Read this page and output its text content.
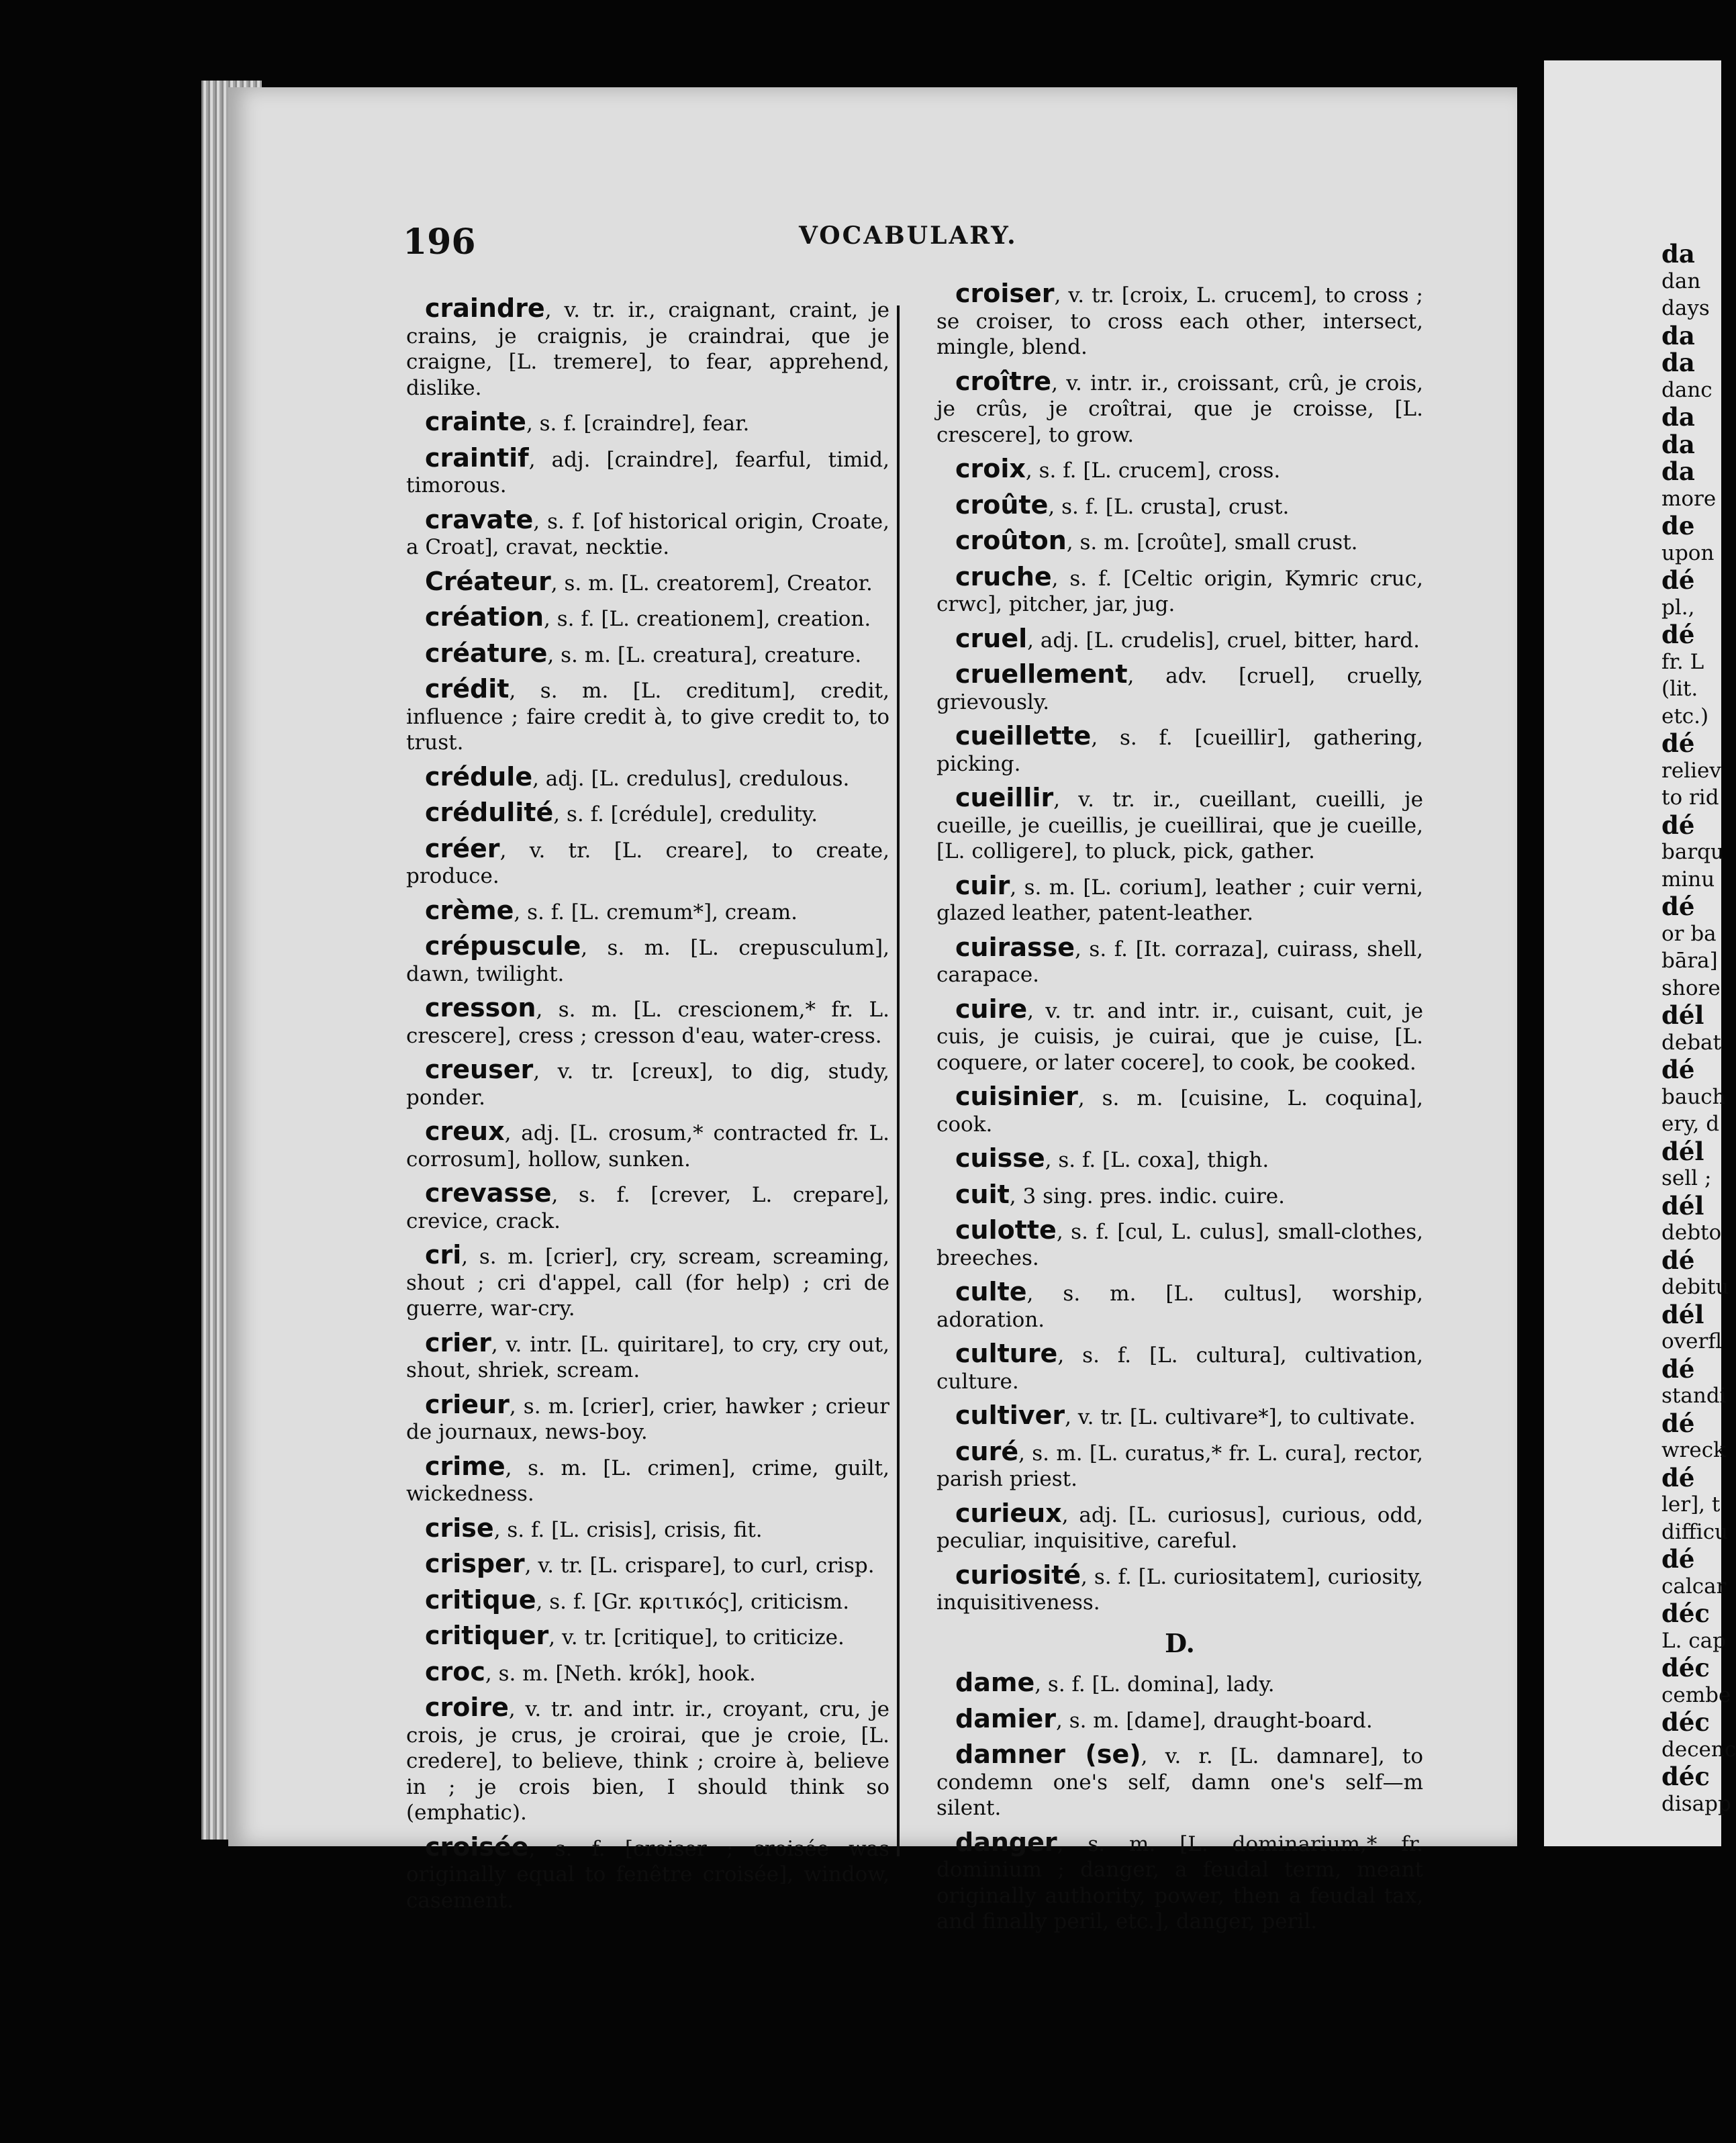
196	VOCABULARY.

craindre, v. tr. ir., craignant, craint, je crains, je craignis, je craindrai, que je craigne, [L. tremere], to fear, apprehend, dislike.

crainte, s. f. [craindre], fear.

craintif, adj. [craindre], fearful, timid, timorous.

cravate, s. f. [of historical origin, Croate, a Croat], cravat, necktie.

Créateur, s. m. [L. creatorem], Creator.

création, s. f. [L. creationem], creation.

créature, s. m. [L. creatura], creature.

crédit, s. m. [L. creditum], credit, influence ; faire credit à, to give credit to, to trust.

crédule, adj. [L. credulus], credulous.

crédulité, s. f. [crédule], credulity.

créer, v. tr. [L. creare], to create, produce.

crème, s. f. [L. cremum*], cream.

crépuscule, s. m. [L. crepusculum], dawn, twilight.

cresson, s. m. [L. crescionem,* fr. L. crescere], cress ; cresson d'eau, water-cress.

creuser, v. tr. [creux], to dig, study, ponder.

creux, adj. [L. crosum,* contracted fr. L. corrosum], hollow, sunken.

crevasse, s. f. [crever, L. crepare], crevice, crack.

cri, s. m. [crier], cry, scream, screaming, shout ; cri d'appel, call (for help) ; cri de guerre, war-cry.

crier, v. intr. [L. quiritare], to cry, cry out, shout, shriek, scream.

crieur, s. m. [crier], crier, hawker ; crieur de journaux, news-boy.

crime, s. m. [L. crimen], crime, guilt, wickedness.

crise, s. f. [L. crisis], crisis, fit.

crisper, v. tr. [L. crispare], to curl, crisp.

critique, s. f. [Gr. κριτικός], criticism.

critiquer, v. tr. [critique], to criticize.

croc, s. m. [Neth. krók], hook.

croire, v. tr. and intr. ir., croyant, cru, je crois, je crus, je croirai, que je croie, [L. credere], to believe, think ; croire à, believe in ; je crois bien, I should think so (emphatic).

croisée, s. f. [croiser ; croisée was originally equal to fenêtre croisée], window, casement.

croiser, v. tr. [croix, L. crucem], to cross ; se croiser, to cross each other, intersect, mingle, blend.

croître, v. intr. ir., croissant, crû, je crois, je crûs, je croîtrai, que je croisse, [L. crescere], to grow.

croix, s. f. [L. crucem], cross.

croûte, s. f. [L. crusta], crust.

croûton, s. m. [croûte], small crust.

cruche, s. f. [Celtic origin, Kymric cruc, crwc], pitcher, jar, jug.

cruel, adj. [L. crudelis], cruel, bitter, hard.

cruellement, adv. [cruel], cruelly, grievously.

cueillette, s. f. [cueillir], gathering, picking.

cueillir, v. tr. ir., cueillant, cueilli, je cueille, je cueillis, je cueillirai, que je cueille, [L. colligere], to pluck, pick, gather.

cuir, s. m. [L. corium], leather ; cuir verni, glazed leather, patent-leather.

cuirasse, s. f. [It. corraza], cuirass, shell, carapace.

cuire, v. tr. and intr. ir., cuisant, cuit, je cuis, je cuisis, je cuirai, que je cuise, [L. coquere, or later cocere], to cook, be cooked.

cuisinier, s. m. [cuisine, L. coquina], cook.

cuisse, s. f. [L. coxa], thigh.

cuit, 3 sing. pres. indic. cuire.

culotte, s. f. [cul, L. culus], small-clothes, breeches.

culte, s. m. [L. cultus], worship, adoration.

culture, s. f. [L. cultura], cultivation, culture.

cultiver, v. tr. [L. cultivare*], to cultivate.

curé, s. m. [L. curatus,* fr. L. cura], rector, parish priest.

curieux, adj. [L. curiosus], curious, odd, peculiar, inquisitive, careful.

curiosité, s. f. [L. curiositatem], curiosity, inquisitiveness.

D.

dame, s. f. [L. domina], lady.

damier, s. m. [dame], draught-board.

damner (se), v. r. [L. damnare], to condemn one's self, damn one's self—m silent.

danger, s. m. [L. dominarium,* fr. dominium ; danger, a feudal term, meant originally authority, power, then a feudal tax, and finally peril, etc.], danger, peril.

da

dan

days

da

da

danc

da

da

da

more

de

upon

dé

pl.,

dé

fr. L

(lit.

etc.)

dé

reliev

to rid

dé

barqu

minu

dé

or ba

bāra]

shore

dél

debat

dé

bauch

ery, d

dél

sell ;

dél

debto

dé

debitu

dél

overfl

dé

standi

dé

wreck

dé

ler], t

difficu

dé

calcar

déc

L. cap

déc

cembe

déc

decenc

déc

disapp
